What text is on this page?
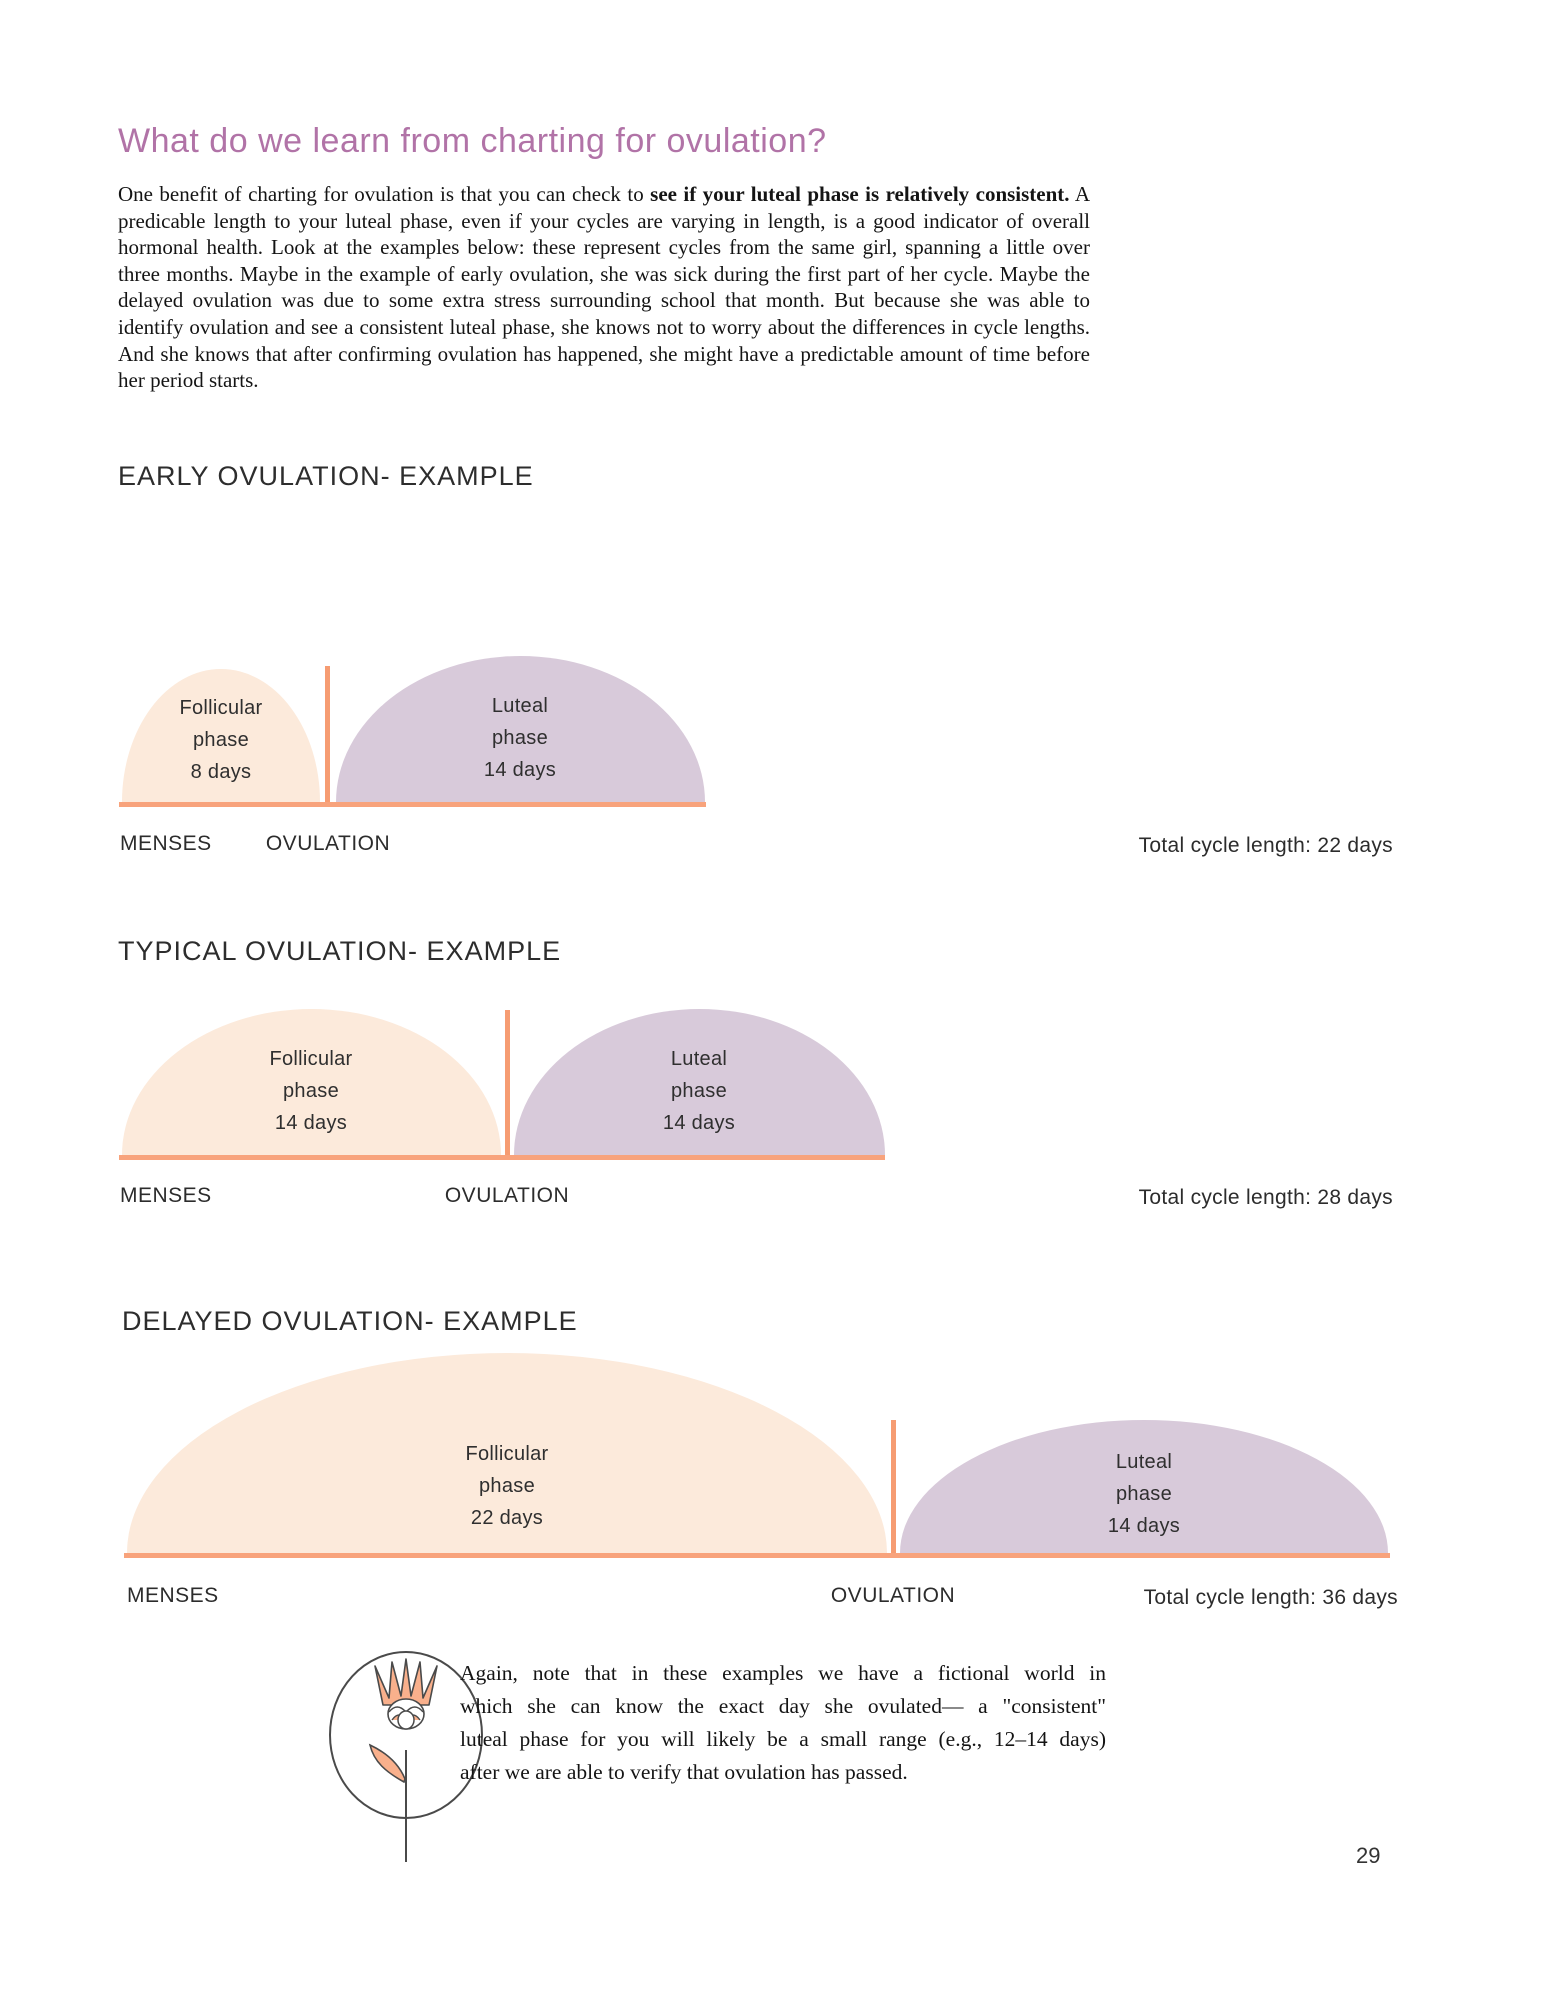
What do we learn from charting for ovulation?
One benefit of charting for ovulation is that you can check to see if your luteal phase is relatively consistent. A predicable length to your luteal phase, even if your cycles are varying in length, is a good indicator of overall hormonal health. Look at the examples below: these represent cycles from the same girl, spanning a little over three months. Maybe in the example of early ovulation, she was sick during the first part of her cycle. Maybe the delayed ovulation was due to some extra stress surrounding school that month. But because she was able to identify ovulation and see a consistent luteal phase, she knows not to worry about the differences in cycle lengths. And she knows that after confirming ovulation has happened, she might have a predictable amount of time before her period starts.
EARLY OVULATION- EXAMPLE
Follicular
phase
8 days
Luteal
phase
14 days
MENSES	OVULATION	Total cycle length: 22 days
TYPICAL OVULATION- EXAMPLE
Follicular
phase
14 days
Luteal
phase
14 days
MENSES	OVULATION	Total cycle length: 28 days
DELAYED OVULATION- EXAMPLE
Follicular
phase
22 days
Luteal
phase
14 days
MENSES	OVULATION	Total cycle length: 36 days
Again, note that in these examples we have a fictional world in
which she can know the exact day she ovulated— a "consistent"
luteal phase for you will likely be a small range (e.g., 12–14 days)
after we are able to verify that ovulation has passed.
29
